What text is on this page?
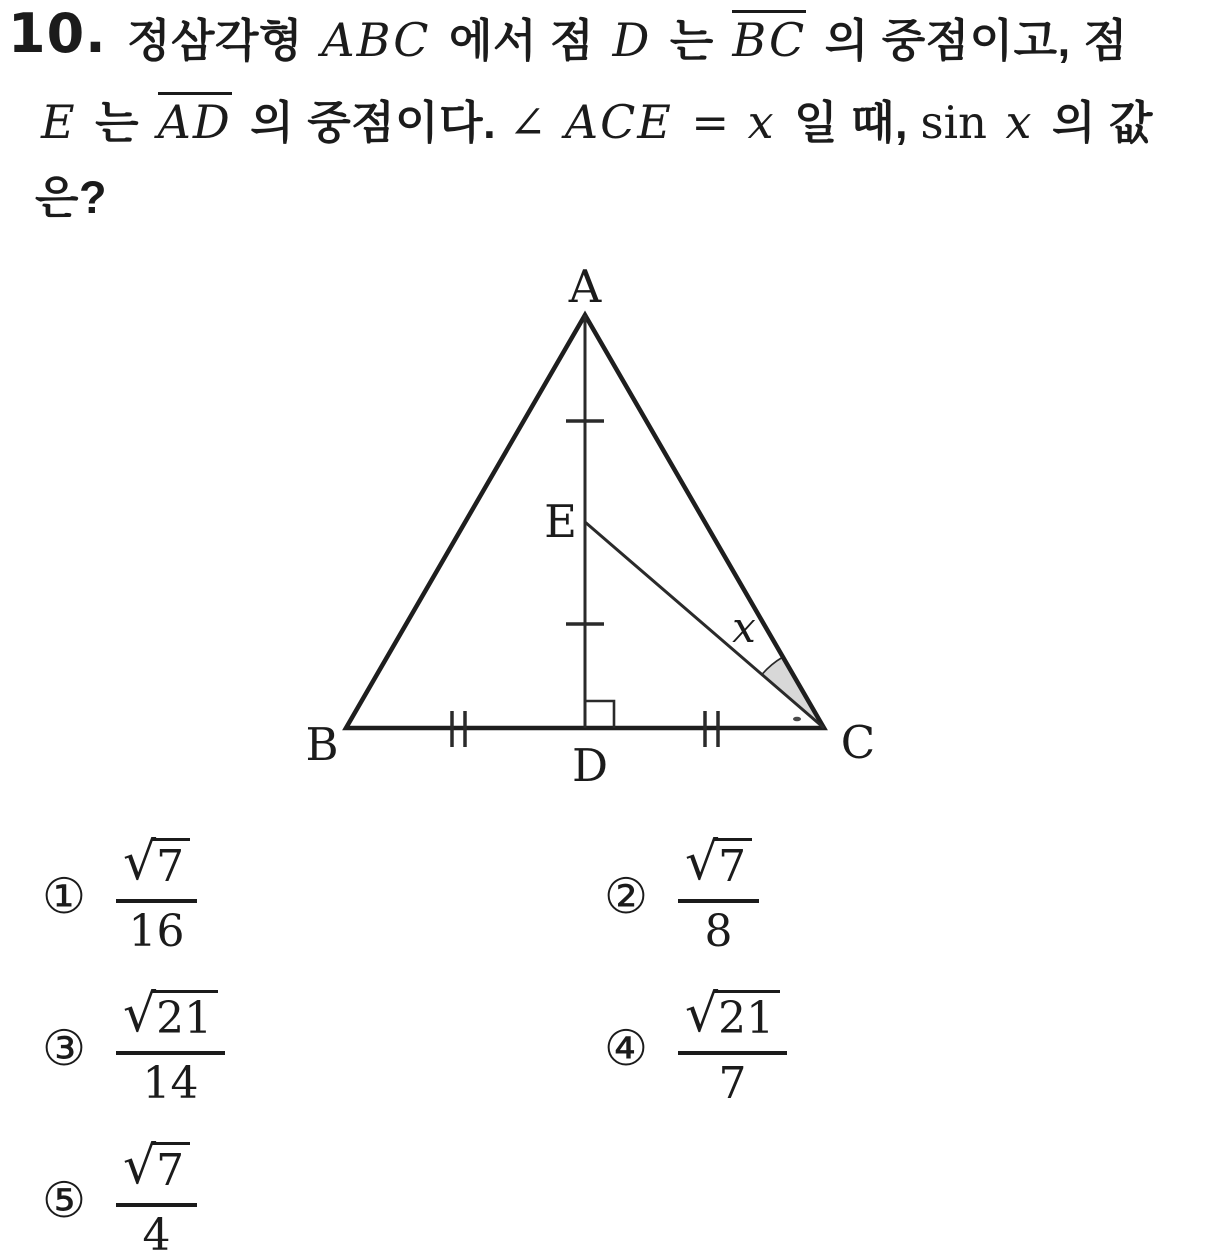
10. 정삼각형 ABC 에서 점 D 는 BC 의 중점이고, 점
E 는 AD 의 중점이다. ∠ ACE = x 일 때, sin x 의 값
은?
A
B	C
D
E
x
① $\frac{√ 7}{16}$	② $\frac{√ 7}{8}$
③ $\frac{√ 21}{14}$	④ $\frac{√ 21}{7}$
⑤ $\frac{√ 7}{4}$
